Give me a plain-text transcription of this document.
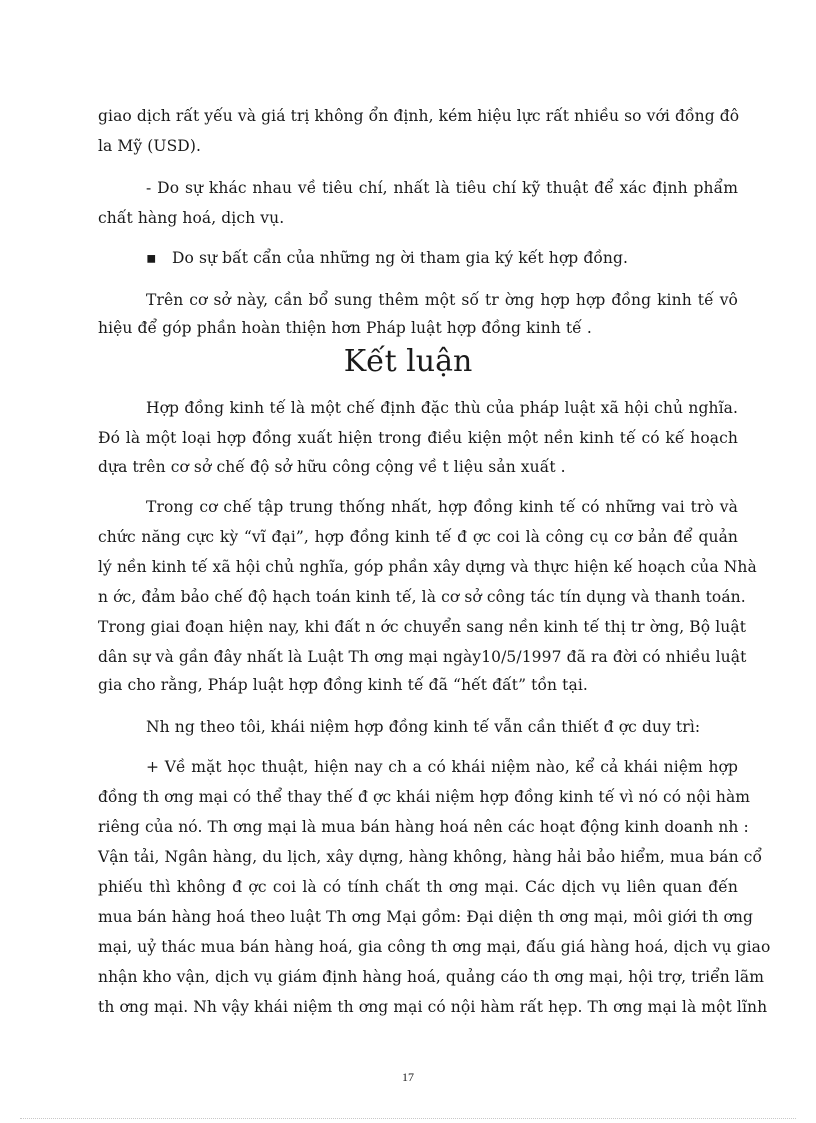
giao dịch rất yếu và giá trị không ổn định, kém hiệu lực rất nhiều so với đồng đô
la Mỹ (USD).
- Do sự khác nhau về tiêu chí, nhất là tiêu chí kỹ thuật để xác định phẩm
chất hàng hoá, dịch vụ.
▪ Do sự bất cẩn của những ng ời tham gia ký kết hợp đồng.
Trên cơ sở này, cần bổ sung thêm một số tr ờng hợp hợp đồng kinh tế vô
hiệu để góp phần hoàn thiện hơn Pháp luật hợp đồng kinh tế .
Kết luận
Hợp đồng kinh tế là một chế định đặc thù của pháp luật xã hội chủ nghĩa.
Đó là một loại hợp đồng xuất hiện trong điều kiện một nền kinh tế có kế hoạch
dựa trên cơ sở chế độ sở hữu công cộng về t liệu sản xuất .
Trong cơ chế tập trung thống nhất, hợp đồng kinh tế có những vai trò và
chức năng cực kỳ “vĩ đại”, hợp đồng kinh tế đ ợc coi là công cụ cơ bản để quản
lý nền kinh tế xã hội chủ nghĩa, góp phần xây dựng và thực hiện kế hoạch của Nhà
n ớc, đảm bảo chế độ hạch toán kinh tế, là cơ sở công tác tín dụng và thanh toán.
Trong giai đoạn hiện nay, khi đất n ớc chuyển sang nền kinh tế thị tr ờng, Bộ luật
dân sự và gần đây nhất là Luật Th ơng mại ngày10/5/1997 đã ra đời có nhiều luật
gia cho rằng, Pháp luật hợp đồng kinh tế đã “hết đất” tồn tại.
Nh ng theo tôi, khái niệm hợp đồng kinh tế vẫn cần thiết đ ợc duy trì:
+ Về mặt học thuật, hiện nay ch a có khái niệm nào, kể cả khái niệm hợp
đồng th ơng mại có thể thay thế đ ợc khái niệm hợp đồng kinh tế vì nó có nội hàm
riêng của nó. Th ơng mại là mua bán hàng hoá nên các hoạt động kinh doanh nh :
Vận tải, Ngân hàng, du lịch, xây dựng, hàng không, hàng hải bảo hiểm, mua bán cổ
phiếu thì không đ ợc coi là có tính chất th ơng mại. Các dịch vụ liên quan đến
mua bán hàng hoá theo luật Th ơng Mại gồm: Đại diện th ơng mại, môi giới th ơng
mại, uỷ thác mua bán hàng hoá, gia công th ơng mại, đấu giá hàng hoá, dịch vụ giao
nhận kho vận, dịch vụ giám định hàng hoá, quảng cáo th ơng mại, hội trợ, triển lãm
th ơng mại. Nh vậy khái niệm th ơng mại có nội hàm rất hẹp. Th ơng mại là một lĩnh
17
